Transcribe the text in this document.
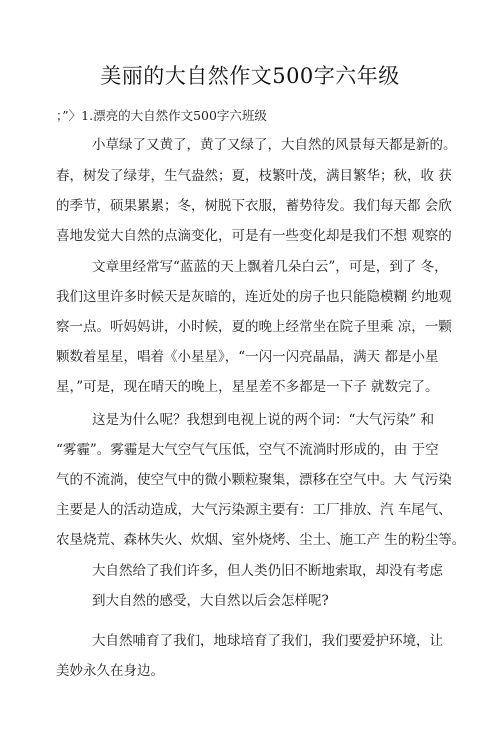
美丽的大自然作文500字六年级
；”〉1.漂亮的大自然作文500字六班级
小草绿了又黄了，黄了又绿了，大自然的风景每天都是新的。
春，树发了绿芽，生气盎然；夏，枝繁叶茂，满目繁华；秋，收 获
的季节，硕果累累；冬，树脱下衣服，蓄势待发。我们每天都 会欣
喜地发觉大自然的点滴变化，可是有一些变化却是我们不想 观察的
文章里经常写“蓝蓝的天上飘着几朵白云”，可是，到了 冬，
我们这里许多时候天是灰暗的，连近处的房子也只能隐模糊 约地观
察一点。听妈妈讲，小时候，夏的晚上经常坐在院子里乘 凉，一颗
颗数着星星，唱着《小星星》，“一闪一闪亮晶晶，满天 都是小星
星，”可是，现在晴天的晚上，星星差不多都是一下子 就数完了。
这是为什么呢？我想到电视上说的两个词：“大气污染” 和
“雾霾”。雾霾是大气空气气压低，空气不流淌时形成的，由 于空
气的不流淌，使空气中的微小颗粒聚集，漂移在空气中。大 气污染
主要是人的活动造成，大气污染源主要有：工厂排放、汽 车尾气、
农垦烧荒、森林失火、炊烟、室外烧烤、尘土、施工产 生的粉尘等。
大自然给了我们许多，但人类仍旧不断地索取，却没有考虑
到大自然的感受，大自然以后会怎样呢?
大自然哺育了我们，地球培育了我们，我们要爱护环境，让
美妙永久在身边。
